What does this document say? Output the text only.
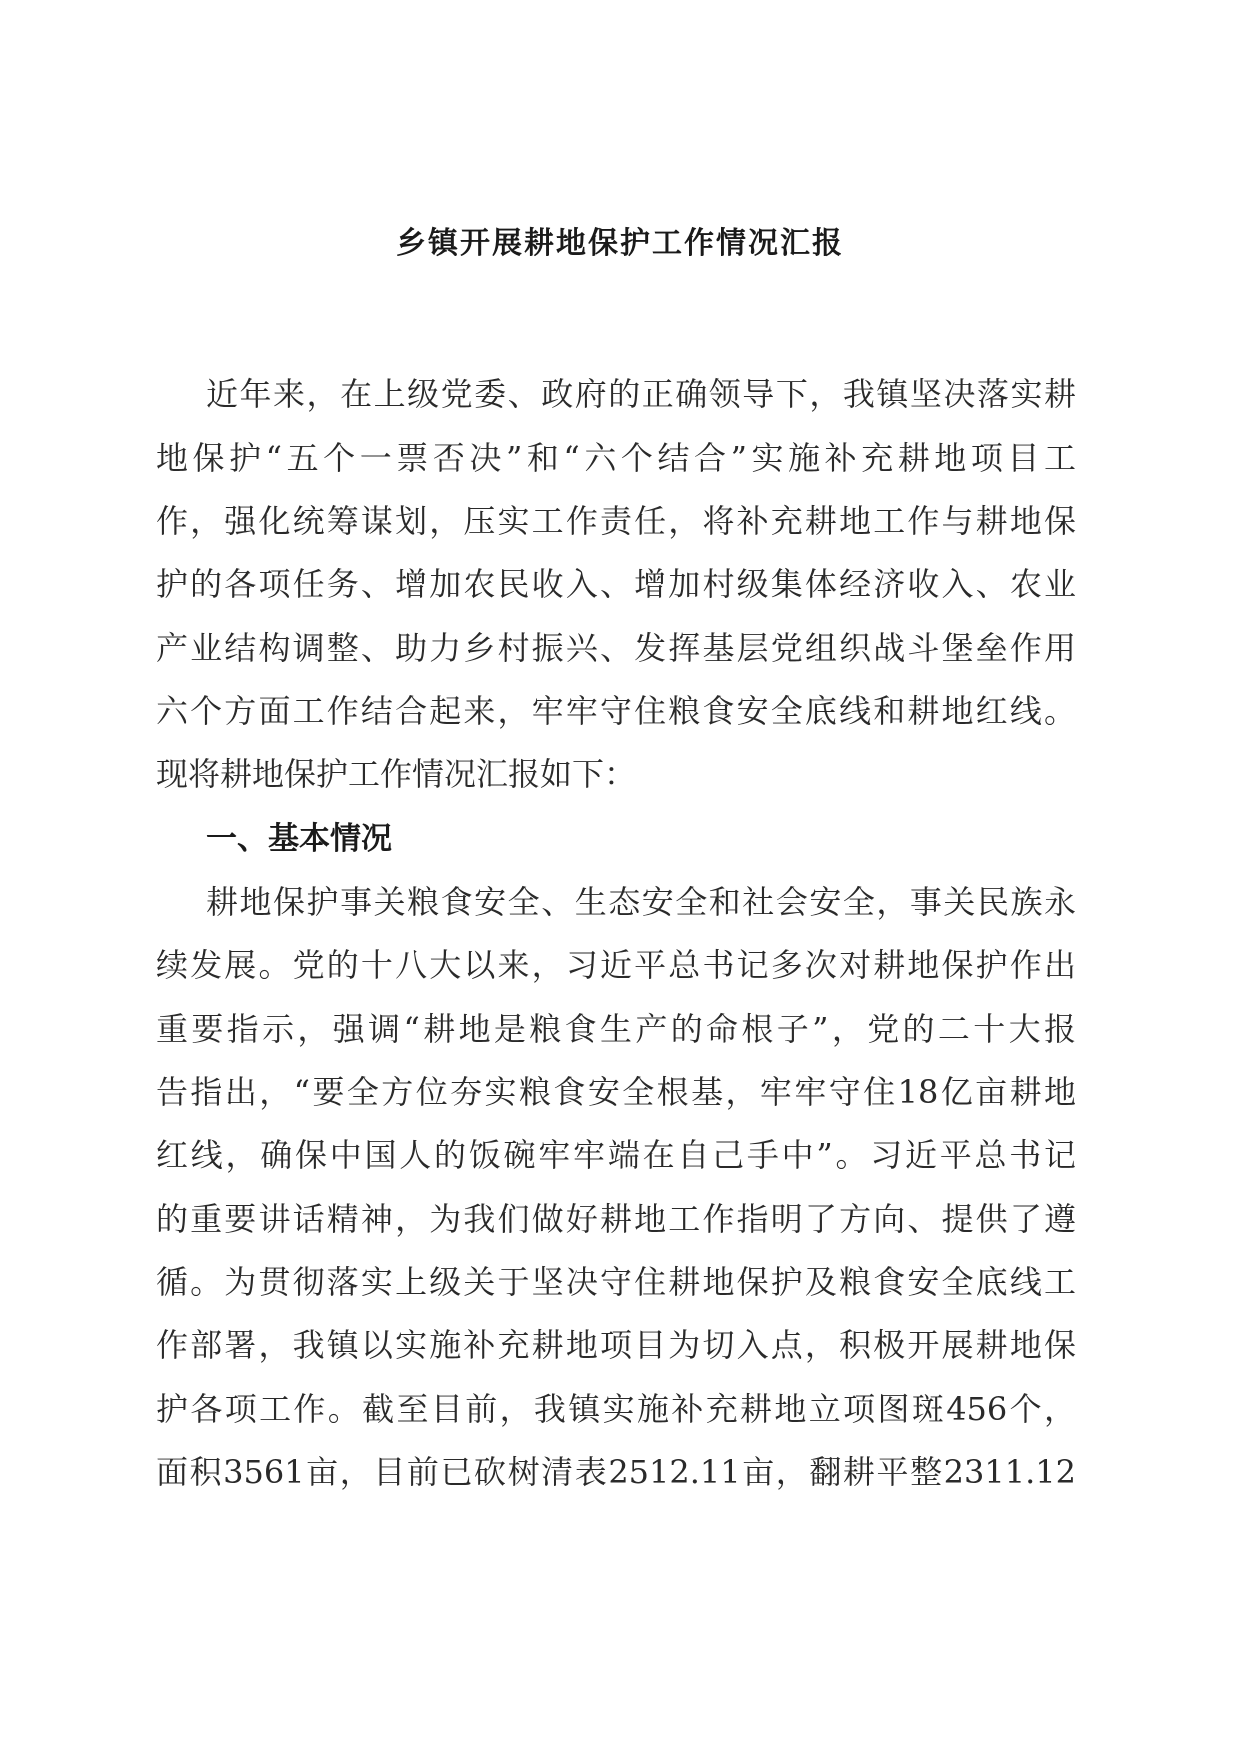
乡镇开展耕地保护工作情况汇报

近年来，在上级党委、政府的正确领导下，我镇坚决落实耕

地保护“五个一票否决”和“六个结合”实施补充耕地项目工

作，强化统筹谋划，压实工作责任，将补充耕地工作与耕地保

护的各项任务、增加农民收入、增加村级集体经济收入、农业

产业结构调整、助力乡村振兴、发挥基层党组织战斗堡垒作用

六个方面工作结合起来，牢牢守住粮食安全底线和耕地红线。

现将耕地保护工作情况汇报如下：

一、基本情况

耕地保护事关粮食安全、生态安全和社会安全，事关民族永

续发展。党的十八大以来，习近平总书记多次对耕地保护作出

重要指示，强调“耕地是粮食生产的命根子”，党的二十大报

告指出，“要全方位夯实粮食安全根基，牢牢守住18亿亩耕地

红线，确保中国人的饭碗牢牢端在自己手中”。习近平总书记

的重要讲话精神，为我们做好耕地工作指明了方向、提供了遵

循。为贯彻落实上级关于坚决守住耕地保护及粮食安全底线工

作部署，我镇以实施补充耕地项目为切入点，积极开展耕地保

护各项工作。截至目前，我镇实施补充耕地立项图斑456个，

面积3561亩，目前已砍树清表2512.11亩，翻耕平整2311.12
